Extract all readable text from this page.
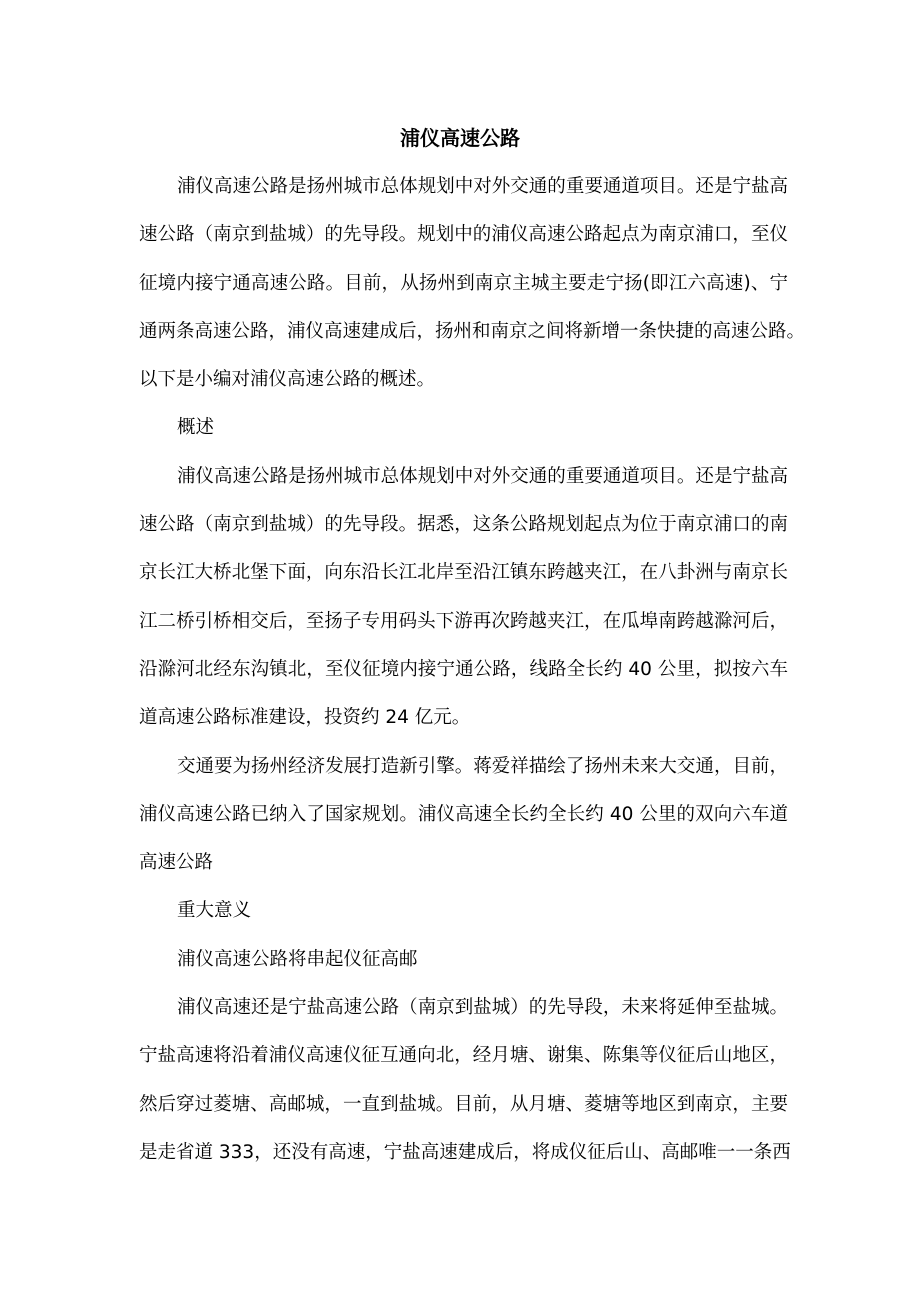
浦仪高速公路
浦仪高速公路是扬州城市总体规划中对外交通的重要通道项目。还是宁盐高
速公路（南京到盐城）的先导段。规划中的浦仪高速公路起点为南京浦口，至仪
征境内接宁通高速公路。目前，从扬州到南京主城主要走宁扬(即江六高速)、宁
通两条高速公路，浦仪高速建成后，扬州和南京之间将新增一条快捷的高速公路。
以下是小编对浦仪高速公路的概述。
概述
浦仪高速公路是扬州城市总体规划中对外交通的重要通道项目。还是宁盐高
速公路（南京到盐城）的先导段。据悉，这条公路规划起点为位于南京浦口的南
京长江大桥北堡下面，向东沿长江北岸至沿江镇东跨越夹江，在八卦洲与南京长
江二桥引桥相交后，至扬子专用码头下游再次跨越夹江，在瓜埠南跨越滁河后，
沿滁河北经东沟镇北，至仪征境内接宁通公路，线路全长约 40 公里，拟按六车
道高速公路标准建设，投资约 24 亿元。
交通要为扬州经济发展打造新引擎。蒋爱祥描绘了扬州未来大交通，目前，
浦仪高速公路已纳入了国家规划。浦仪高速全长约全长约 40 公里的双向六车道
高速公路
重大意义
浦仪高速公路将串起仪征高邮
浦仪高速还是宁盐高速公路（南京到盐城）的先导段，未来将延伸至盐城。
宁盐高速将沿着浦仪高速仪征互通向北，经月塘、谢集、陈集等仪征后山地区，
然后穿过菱塘、高邮城，一直到盐城。目前，从月塘、菱塘等地区到南京，主要
是走省道 333，还没有高速，宁盐高速建成后，将成仪征后山、高邮唯一一条西
